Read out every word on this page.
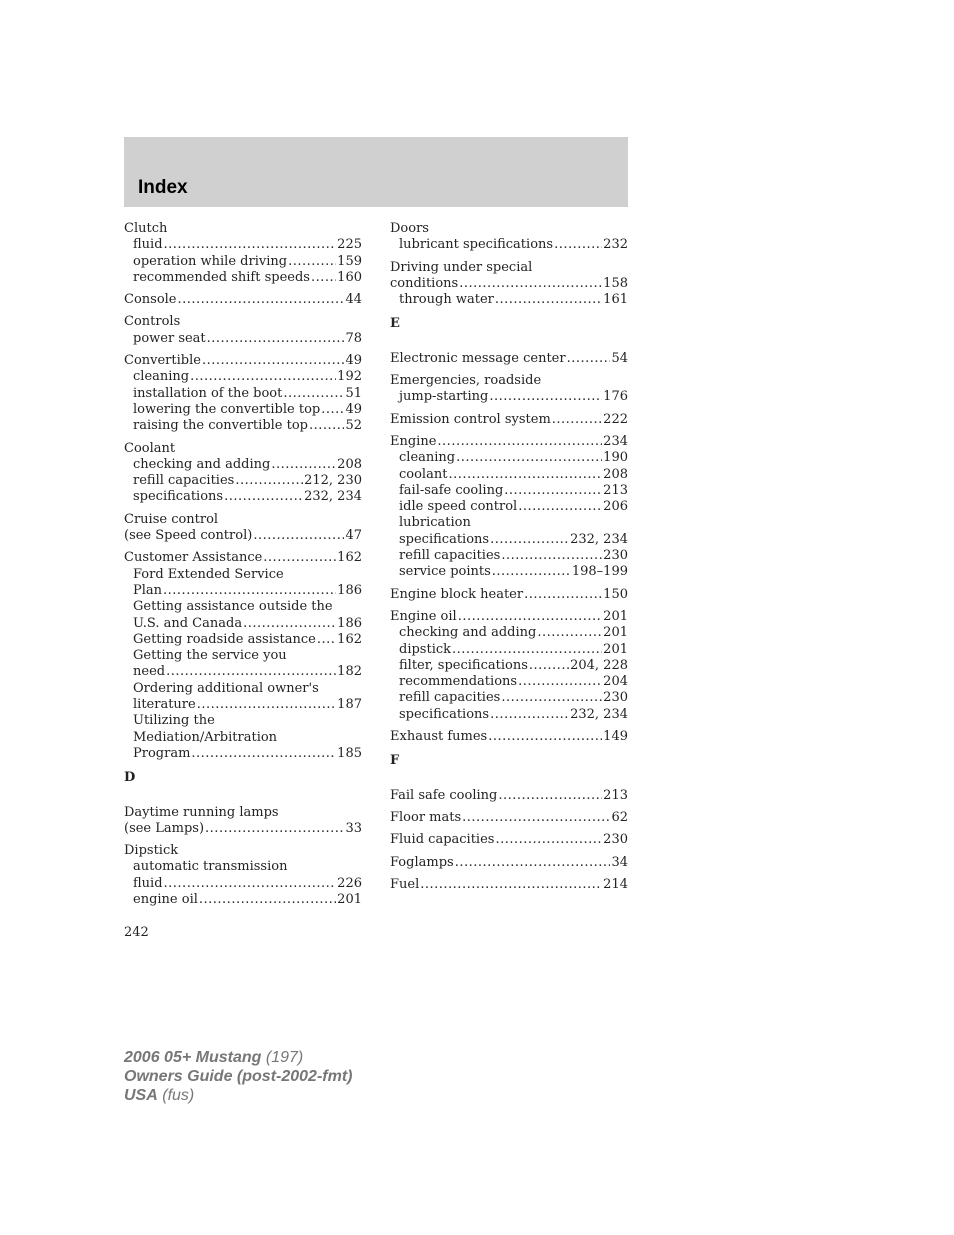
Index
Clutch
fluid .....	225
operation while driving .....	159
recommended shift speeds ..... 160
Console .....	44
Controls
power seat .....	78
Convertible .....	49
cleaning .....	192
installation of the boot .....	51
lowering the convertible top ..... 49
raising the convertible top .....	52
Coolant
checking and adding .....	208
refill capacities .....	212, 230
specifications .....	232, 234
Cruise control
(see Speed control) .....	47
Customer Assistance .....	162
Ford Extended Service
Plan .....	186
Getting assistance outside the
U.S. and Canada .....	186
Getting roadside assistance ..... 162
Getting the service you
need .....	182
Ordering additional owner's
literature .....	187
Utilizing the
Mediation/Arbitration
Program .....	185
D
Daytime running lamps
(see Lamps) .....	33
Dipstick
automatic transmission
fluid .....	226
engine oil .....	201
Doors
lubricant specifications .....	232
Driving under special
conditions .....	158
through water .....	161
E
Electronic message center .....	54
Emergencies, roadside
jump-starting .....	176
Emission control system .....	222
Engine .....	234
cleaning .....	190
coolant .....	208
fail-safe cooling .....	213
idle speed control .....	206
lubrication
specifications .....	232, 234
refill capacities .....	230
service points .....	198–199
Engine block heater .....	150
Engine oil .....	201
checking and adding .....	201
dipstick .....	201
filter, specifications .....	204, 228
recommendations .....	204
refill capacities .....	230
specifications .....	232, 234
Exhaust fumes .....	149
F
Fail safe cooling .....	213
Floor mats .....	62
Fluid capacities .....	230
Foglamps .....	34
Fuel .....	214
242
2006 05+ Mustang (197)
Owners Guide (post-2002-fmt)
USA (fus)
